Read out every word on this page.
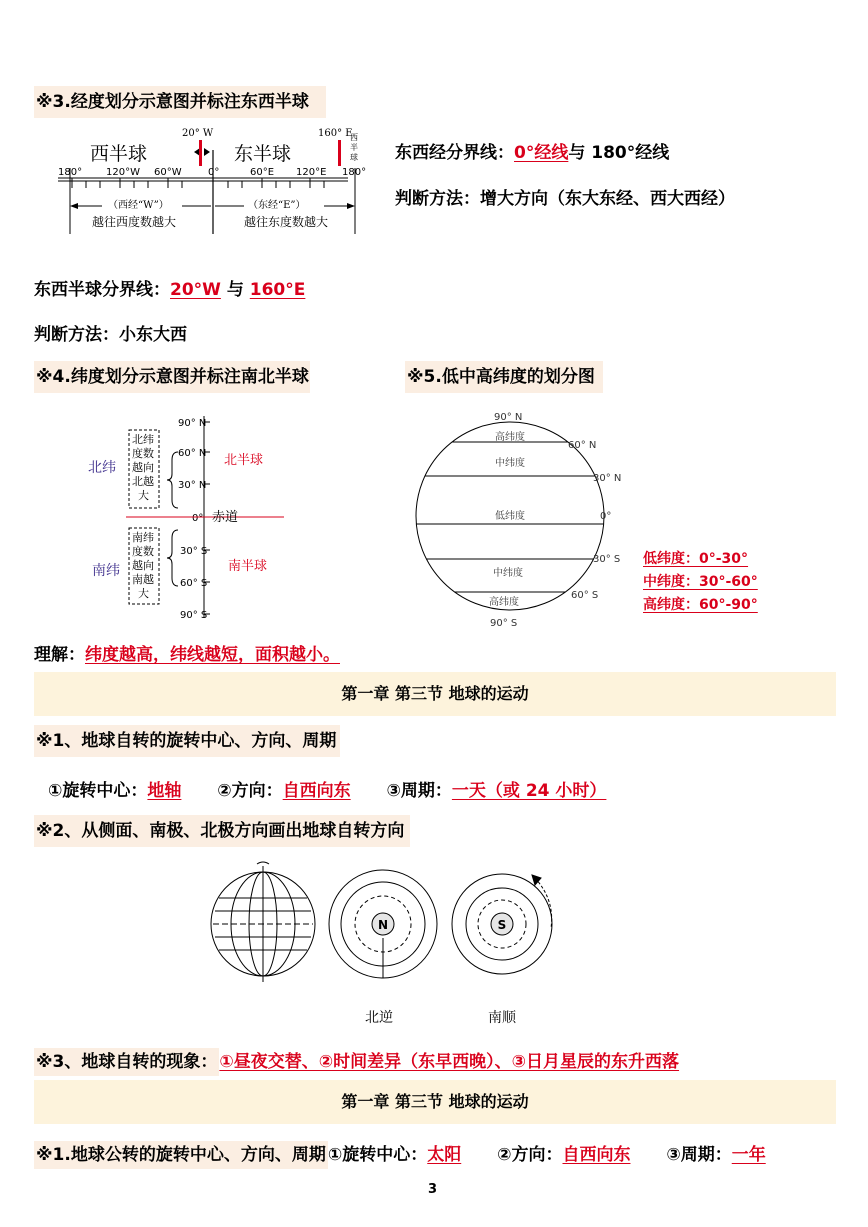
※3.经度划分示意图并标注东西半球
西半球	东半球
20° W	160° E
西
半
球
180° 120°W 60°W	0°	60°E 120°E 180°
（西经“W”）	（东经“E”）
越往西度数越大	越往东度数越大
东西经分界线：0°经线与 180°经线
判断方法：增大方向（东大东经、西大西经）
东西半球分界线：20°W 与 160°E
判断方法：小东大西
※4.纬度划分示意图并标注南北半球	※5.低中高纬度的划分图
北纬
南纬
北纬
度数
越向
北越
大
南纬
度数
越向
南越
大
90° N
60° N
30° N
0°
30° S
60° S
90° S
赤道
北半球
南半球
高纬度
中纬度
低纬度
中纬度
高纬度
90° N
90° S
60° N
30° N
0°
30° S
60° S
低纬度：0°-30°
中纬度：30°-60°
高纬度：60°-90°
理解：纬度越高，纬线越短，面积越小。
第一章 第三节 地球的运动
※1、地球自转的旋转中心、方向、周期
①旋转中心：地轴 ②方向：自西向东 ③周期：一天（或 24 小时）
※2、从侧面、南极、北极方向画出地球自转方向
N	S
北逆	南顺
※3、地球自转的现象： ①昼夜交替、②时间差异（东早西晚）、③日月星辰的东升西落
第一章 第三节 地球的运动
※1.地球公转的旋转中心、方向、周期 ①旋转中心：太阳 ②方向：自西向东 ③周期：一年
3
